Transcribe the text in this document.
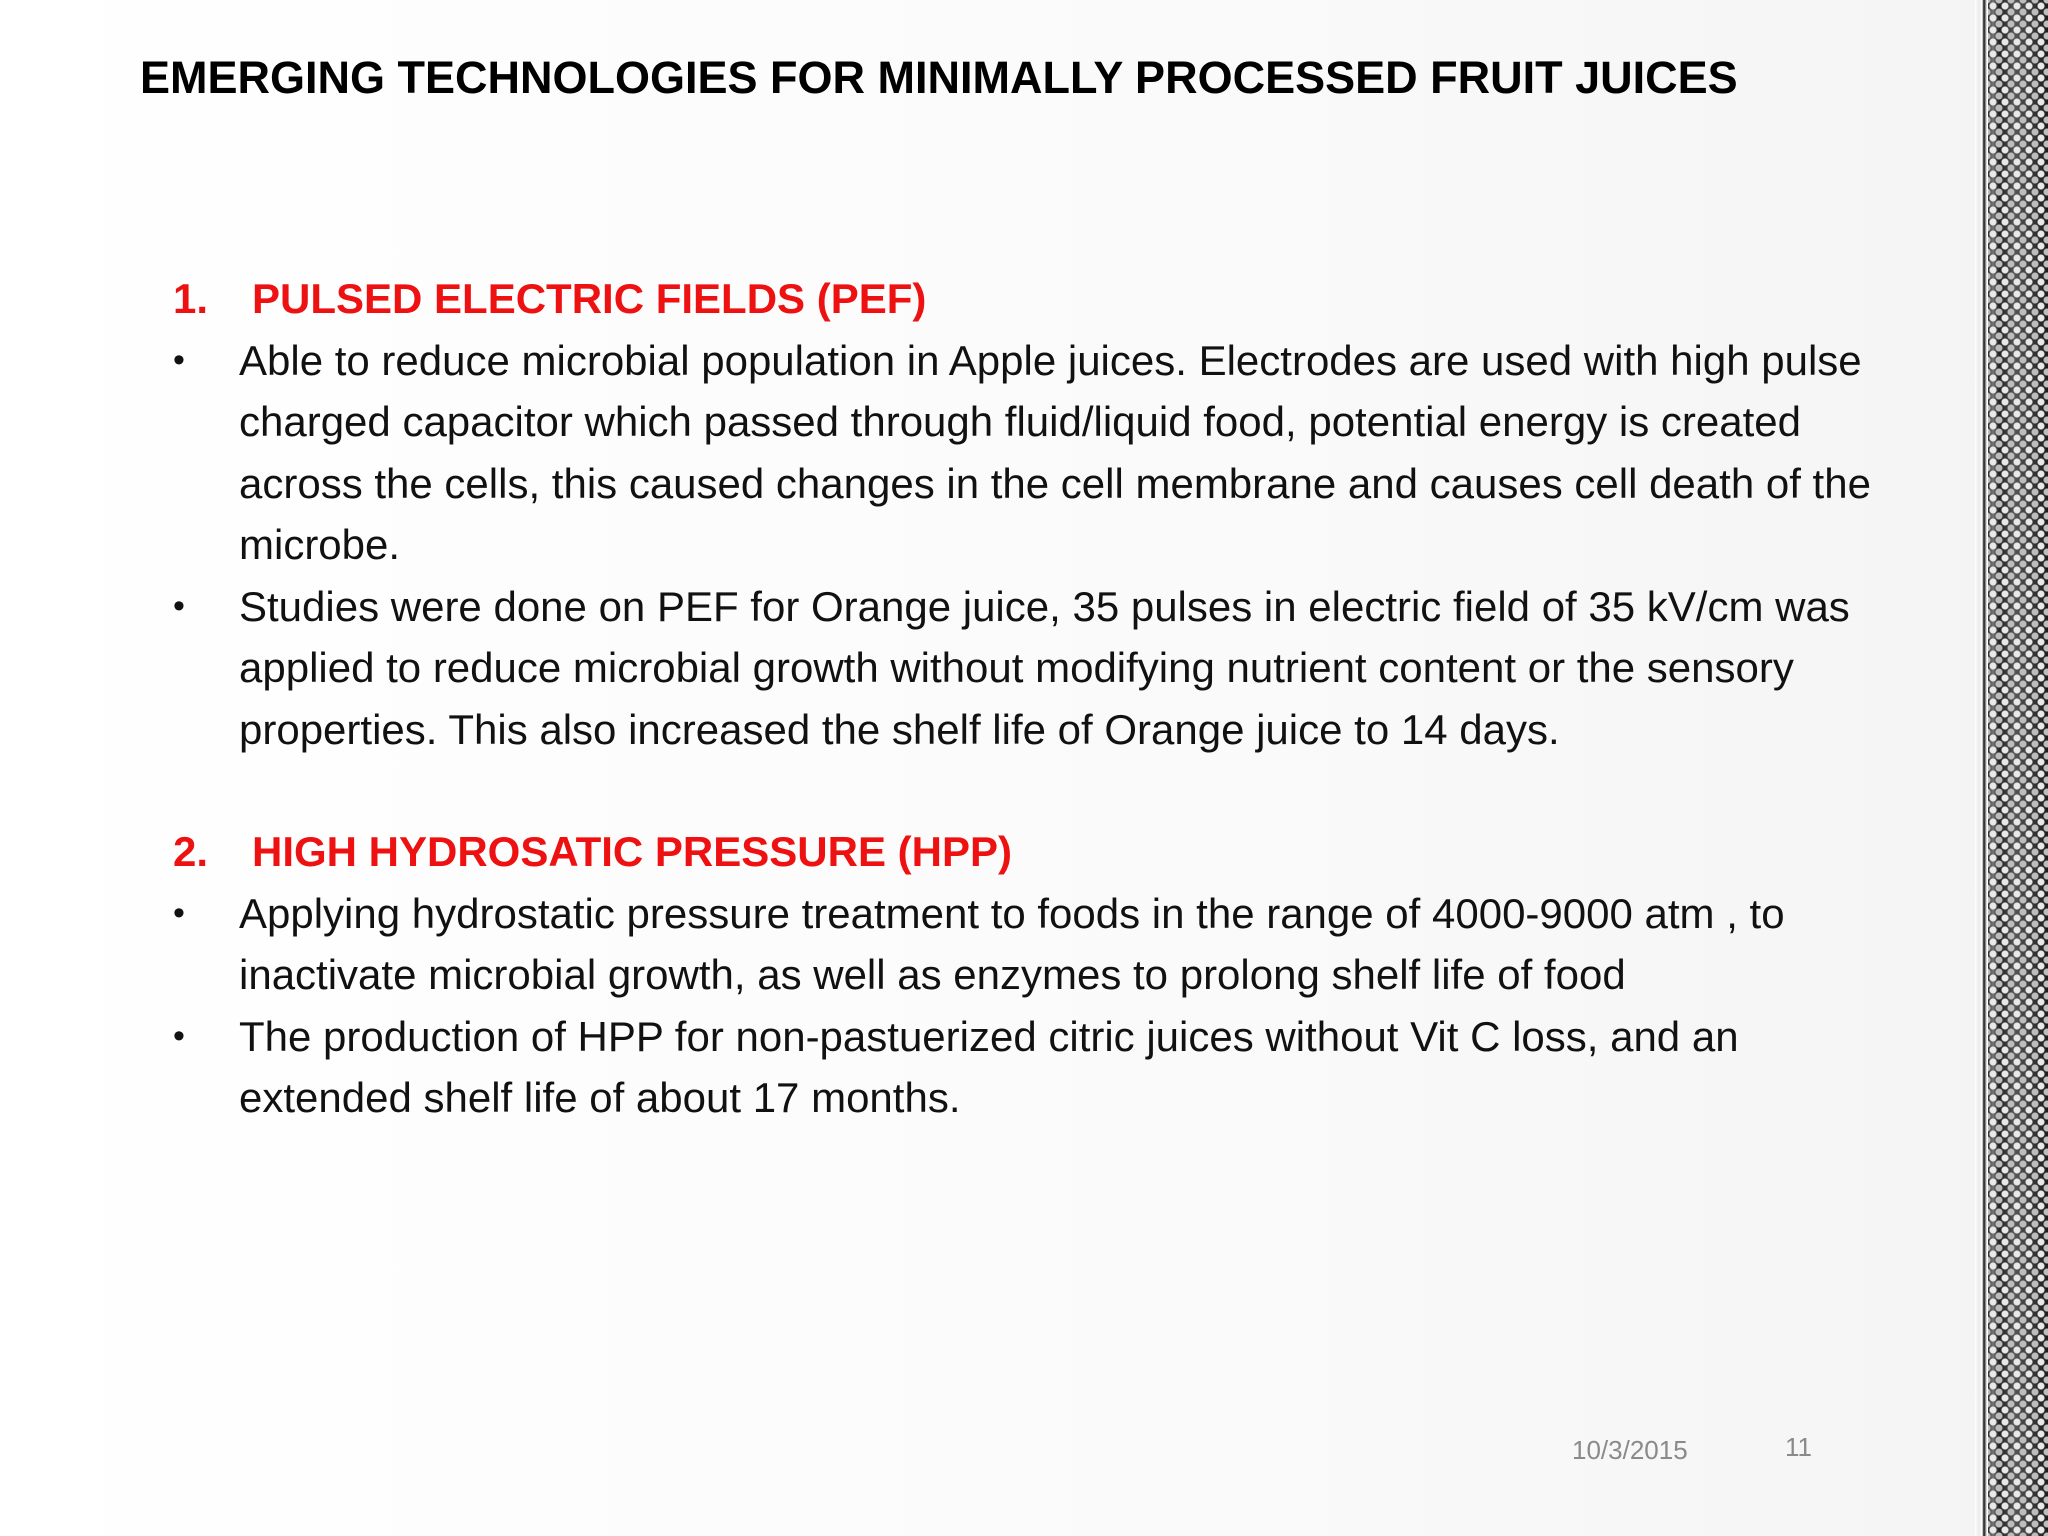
EMERGING TECHNOLOGIES FOR MINIMALLY PROCESSED FRUIT JUICES

1.	PULSED ELECTRIC FIELDS (PEF)

•	Able to reduce microbial population in Apple juices. Electrodes are used with high pulse charged capacitor which passed through fluid/liquid food, potential energy is created across the cells, this caused changes in the cell membrane and causes cell death of the microbe.
•	Studies were done on PEF for Orange juice, 35 pulses in electric field of 35 kV/cm was applied to reduce microbial growth without modifying nutrient content or the sensory properties. This also increased the shelf life of Orange juice to 14 days.

2.	HIGH HYDROSATIC PRESSURE (HPP)

•	Applying hydrostatic pressure treatment to foods in the range of 4000-9000 atm , to inactivate microbial growth, as well as enzymes to prolong shelf life of food
•	The production of HPP for non-pastuerized citric juices without Vit C loss, and an extended shelf life of about 17 months.
10/3/2015	11
